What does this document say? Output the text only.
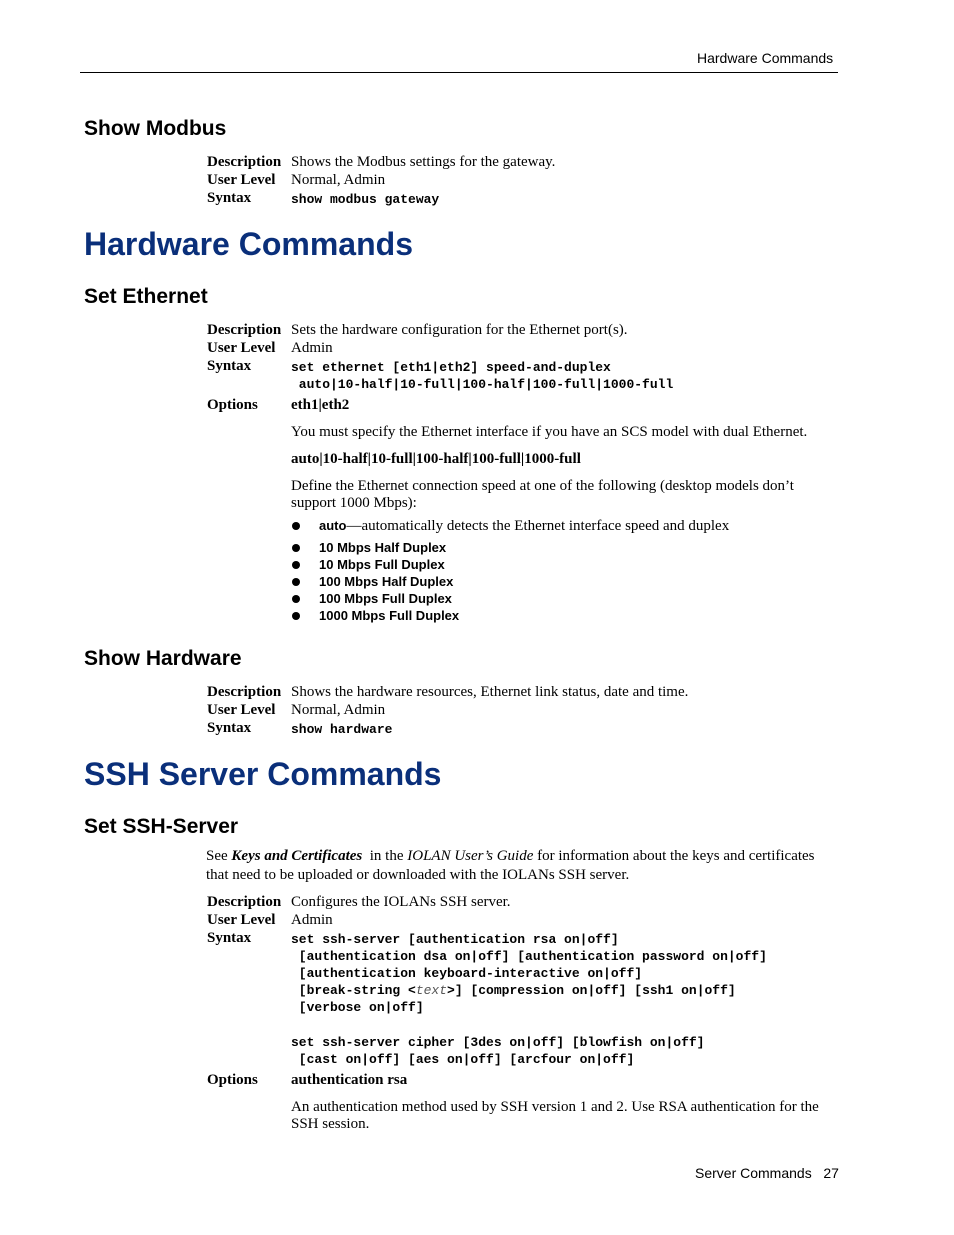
Hardware Commands
Show Modbus
Description Shows the Modbus settings for the gateway.
User Level Normal, Admin
Syntax	show modbus gateway
Hardware Commands
Set Ethernet
Description Sets the hardware configuration for the Ethernet port(s).
User Level Admin
Syntax	set ethernet [eth1|eth2] speed-and-duplex
auto|10-half|10-full|100-half|100-full|1000-full
Options eth1|eth2
You must specify the Ethernet interface if you have an SCS model with dual Ethernet.
auto|10-half|10-full|100-half|100-full|1000-full
Define the Ethernet connection speed at one of the following (desktop models don’t
support 1000 Mbps):
auto—automatically detects the Ethernet interface speed and duplex
10 Mbps Half Duplex
10 Mbps Full Duplex
100 Mbps Half Duplex
100 Mbps Full Duplex
1000 Mbps Full Duplex
Show Hardware
Description Shows the hardware resources, Ethernet link status, date and time.
User Level Normal, Admin
Syntax	show hardware
SSH Server Commands
Set SSH-Server
See Keys and Certificates  in the IOLAN User’s Guide for information about the keys and certificates
that need to be uploaded or downloaded with the IOLANs SSH server.
Description Configures the IOLANs SSH server.
User Level Admin
Syntax	set ssh-server [authentication rsa on|off]
[authentication dsa on|off] [authentication password on|off]
[authentication keyboard-interactive on|off]
[break-string <text>] [compression on|off] [ssh1 on|off]
[verbose on|off]
set ssh-server cipher [3des on|off] [blowfish on|off]
[cast on|off] [aes on|off] [arcfour on|off]
Options authentication rsa
An authentication method used by SSH version 1 and 2. Use RSA authentication for the
SSH session.
Server Commands   27
